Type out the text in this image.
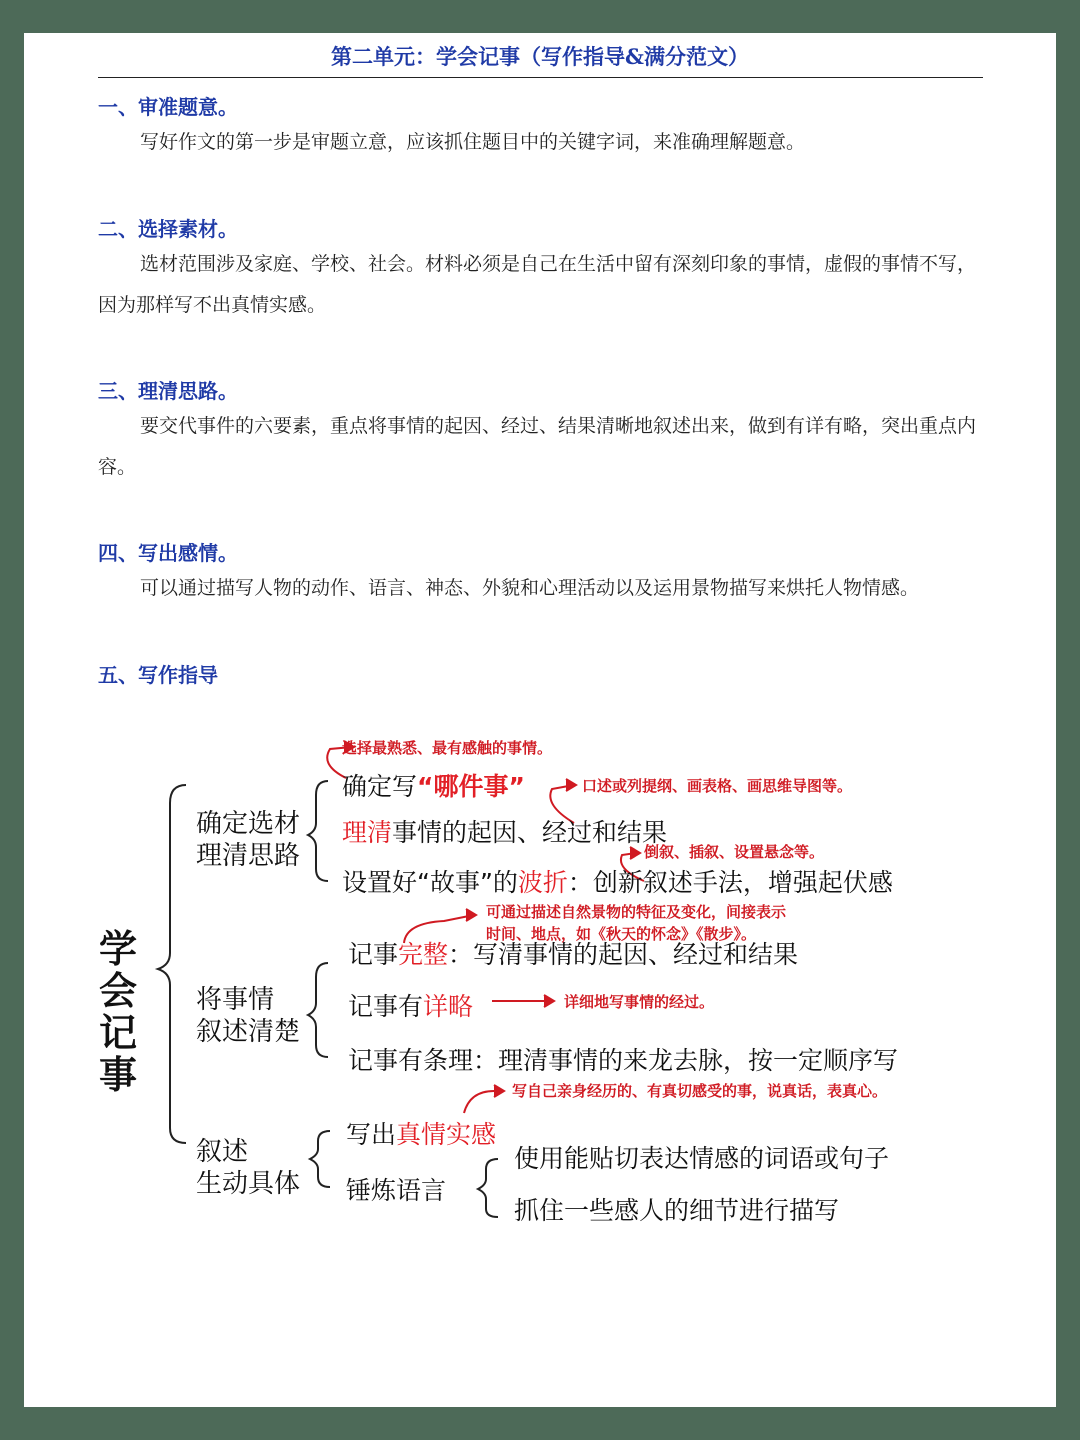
第二单元：学会记事（写作指导&满分范文）
一、审准题意。

写好作文的第一步是审题立意，应该抓住题目中的关键字词，来准确理解题意。

二、选择素材。

选材范围涉及家庭、学校、社会。材料必须是自己在生活中留有深刻印象的事情，虚假的事情不写，因为那样写不出真情实感。

三、理清思路。

要交代事件的六要素，重点将事情的起因、经过、结果清晰地叙述出来，做到有详有略，突出重点内容。

四、写出感情。

可以通过描写人物的动作、语言、神态、外貌和心理活动以及运用景物描写来烘托人物情感。

五、写作指导
学
会
记
事
确定选材
理清思路
将事情
叙述清楚
叙述
生动具体
确定写“哪件事”
理清事情的起因、经过和结果
设置好“故事”的波折：创新叙述手法，增强起伏感
记事完整：写清事情的起因、经过和结果
记事有详略
记事有条理：理清事情的来龙去脉，按一定顺序写
写出真情实感
锤炼语言
使用能贴切表达情感的词语或句子
抓住一些感人的细节进行描写
选择最熟悉、最有感触的事情。
口述或列提纲、画表格、画思维导图等。
倒叙、插叙、设置悬念等。
可通过描述自然景物的特征及变化，间接表示
时间、地点，如《秋天的怀念》《散步》。
详细地写事情的经过。
写自己亲身经历的、有真切感受的事，说真话，表真心。
